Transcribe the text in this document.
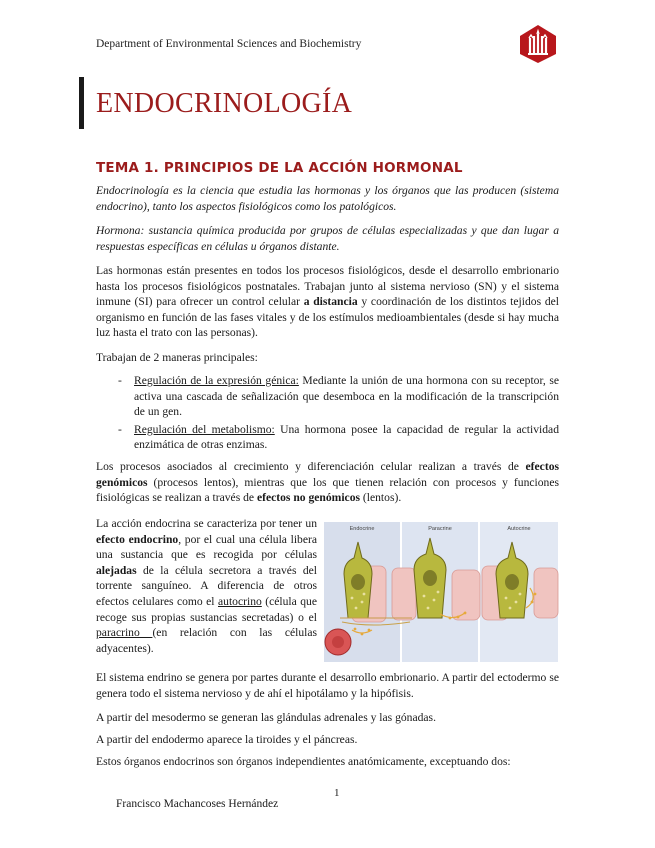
Department of Environmental Sciences and Biochemistry
ENDOCRINOLOGÍA
TEMA 1. PRINCIPIOS DE LA ACCIÓN HORMONAL
Endocrinología es la ciencia que estudia las hormonas y los órganos que las producen (sistema endocrino), tanto los aspectos fisiológicos como los patológicos.
Hormona: sustancia química producida por grupos de células especializadas y que dan lugar a respuestas específicas en células u órganos distante.
Las hormonas están presentes en todos los procesos fisiológicos, desde el desarrollo embrionario hasta los procesos fisiológicos postnatales. Trabajan junto al sistema nervioso (SN) y el sistema inmune (SI) para ofrecer un control celular a distancia y coordinación de los distintos tejidos del organismo en función de las fases vitales y de los estímulos medioambientales (desde si hay mucha luz hasta el trato con las personas).
Trabajan de 2 maneras principales:
- Regulación de la expresión génica: Mediante la unión de una hormona con su receptor, se activa una cascada de señalización que desemboca en la modificación de la transcripción de un gen.
- Regulación del metabolismo: Una hormona posee la capacidad de regular la actividad enzimática de otras enzimas.
Los procesos asociados al crecimiento y diferenciación celular realizan a través de efectos genómicos (procesos lentos), mientras que los que tienen relación con procesos y funciones fisiológicas se realizan a través de efectos no genómicos (lentos).
La acción endocrina se caracteriza por tener un efecto endocrino, por el cual una célula libera una sustancia que es recogida por células alejadas de la célula secretora a través del torrente sanguíneo. A diferencia de otros efectos celulares como el autocrino (célula que recoge sus propias sustancias secretadas) o el paracrino (en relación con las células adyacentes).
Endocrine	Paracrine	Autocrine
El sistema endrino se genera por partes durante el desarrollo embrionario. A partir del ectodermo se genera todo el sistema nervioso y de ahí el hipotálamo y la hipófisis.
A partir del mesodermo se generan las glándulas adrenales y las gónadas.
A partir del endodermo aparece la tiroides y el páncreas.
Estos órganos endocrinos son órganos independientes anatómicamente, exceptuando dos:
1
Francisco Machancoses Hernández
